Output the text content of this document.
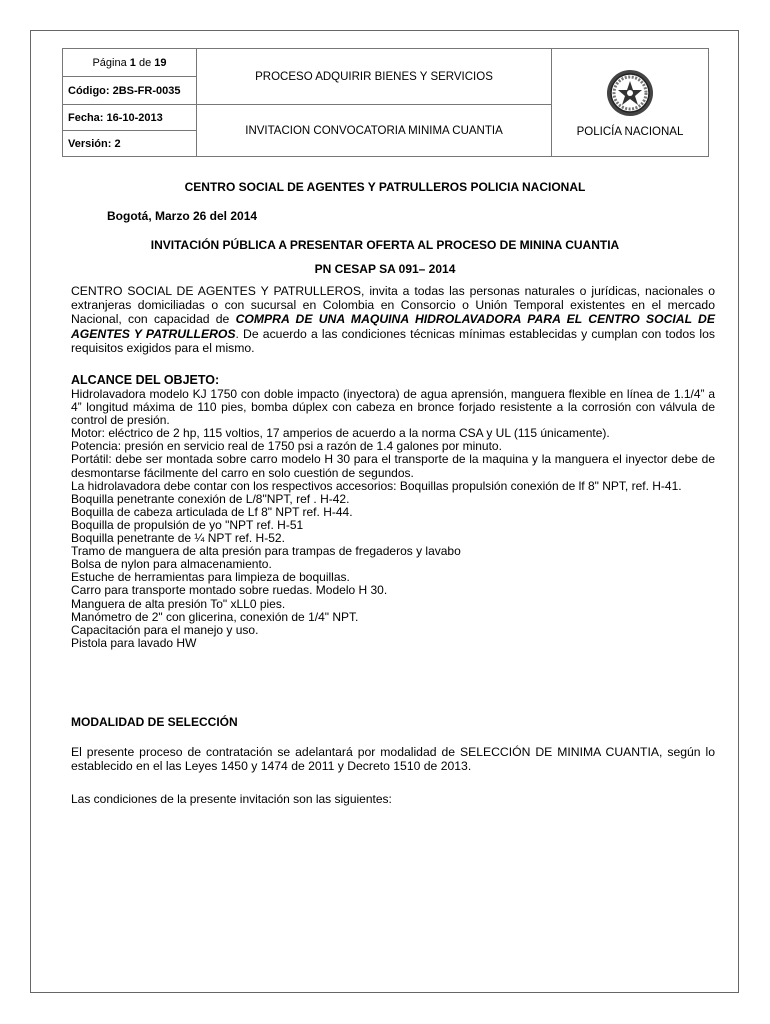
Página 1 de 19	PROCESO ADQUIRIR BIENES Y SERVICIOS	POLICÍA NACIONAL

Código: 2BS-FR-0035		
Fecha: 16-10-2013	INVITACION CONVOCATORIA MINIMA CUANTIA	
Versión: 2		

CENTRO SOCIAL DE AGENTES Y PATRULLEROS POLICIA NACIONAL

Bogotá, Marzo 26 del 2014

INVITACIÓN PÚBLICA A PRESENTAR OFERTA AL PROCESO DE MININA CUANTIA

PN CESAP SA 091– 2014

CENTRO SOCIAL DE AGENTES Y PATRULLEROS, invita a todas las personas naturales o jurídicas, nacionales o extranjeras domiciliadas o con sucursal en Colombia en Consorcio o Unión Temporal existentes en el mercado Nacional, con capacidad de COMPRA DE UNA MAQUINA HIDROLAVADORA PARA EL CENTRO SOCIAL DE AGENTES Y PATRULLEROS. De acuerdo a las condiciones técnicas mínimas establecidas y cumplan con todos los requisitos exigidos para el mismo.

ALCANCE DEL OBJETO:

Hidrolavadora modelo KJ 1750 con doble impacto (inyectora) de agua aprensión, manguera flexible en línea de 1.1/4” a 4” longitud máxima de 110 pies, bomba dúplex con cabeza en bronce forjado resistente a la corrosión con válvula de control de presión.
Motor: eléctrico de 2 hp, 115 voltios, 17 amperios de acuerdo a la norma CSA y UL (115 únicamente).
Potencia: presión en servicio real de 1750 psi a razón de 1.4 galones por minuto.
Portátil: debe ser montada sobre carro modelo H 30 para el transporte de la maquina y la manguera el inyector debe de desmontarse fácilmente del carro en solo cuestión de segundos.
La hidrolavadora debe contar con los respectivos accesorios: Boquillas propulsión conexión de lf 8" NPT, ref. H-41.
Boquilla penetrante conexión de L/8"NPT, ref . H-42.
Boquilla de cabeza articulada de Lf 8" NPT ref. H-44.
Boquilla de propulsión de yo "NPT ref. H-51
Boquilla penetrante de ¼ NPT ref. H-52.
Tramo de manguera de alta presión para trampas de fregaderos y lavabo
Bolsa de nylon para almacenamiento.
Estuche de herramientas para limpieza de boquillas.
Carro para transporte montado sobre ruedas. Modelo H 30.
Manguera de alta presión To" xLL0 pies.
Manómetro de 2" con glicerina, conexión de 1/4" NPT.
Capacitación para el manejo y uso.
Pistola para lavado HW

MODALIDAD DE SELECCIÓN

El presente proceso de contratación se adelantará por modalidad de SELECCIÓN DE MINIMA CUANTIA, según lo establecido en el las Leyes 1450 y 1474 de 2011 y Decreto 1510 de 2013.

Las condiciones de la presente invitación son las siguientes:
